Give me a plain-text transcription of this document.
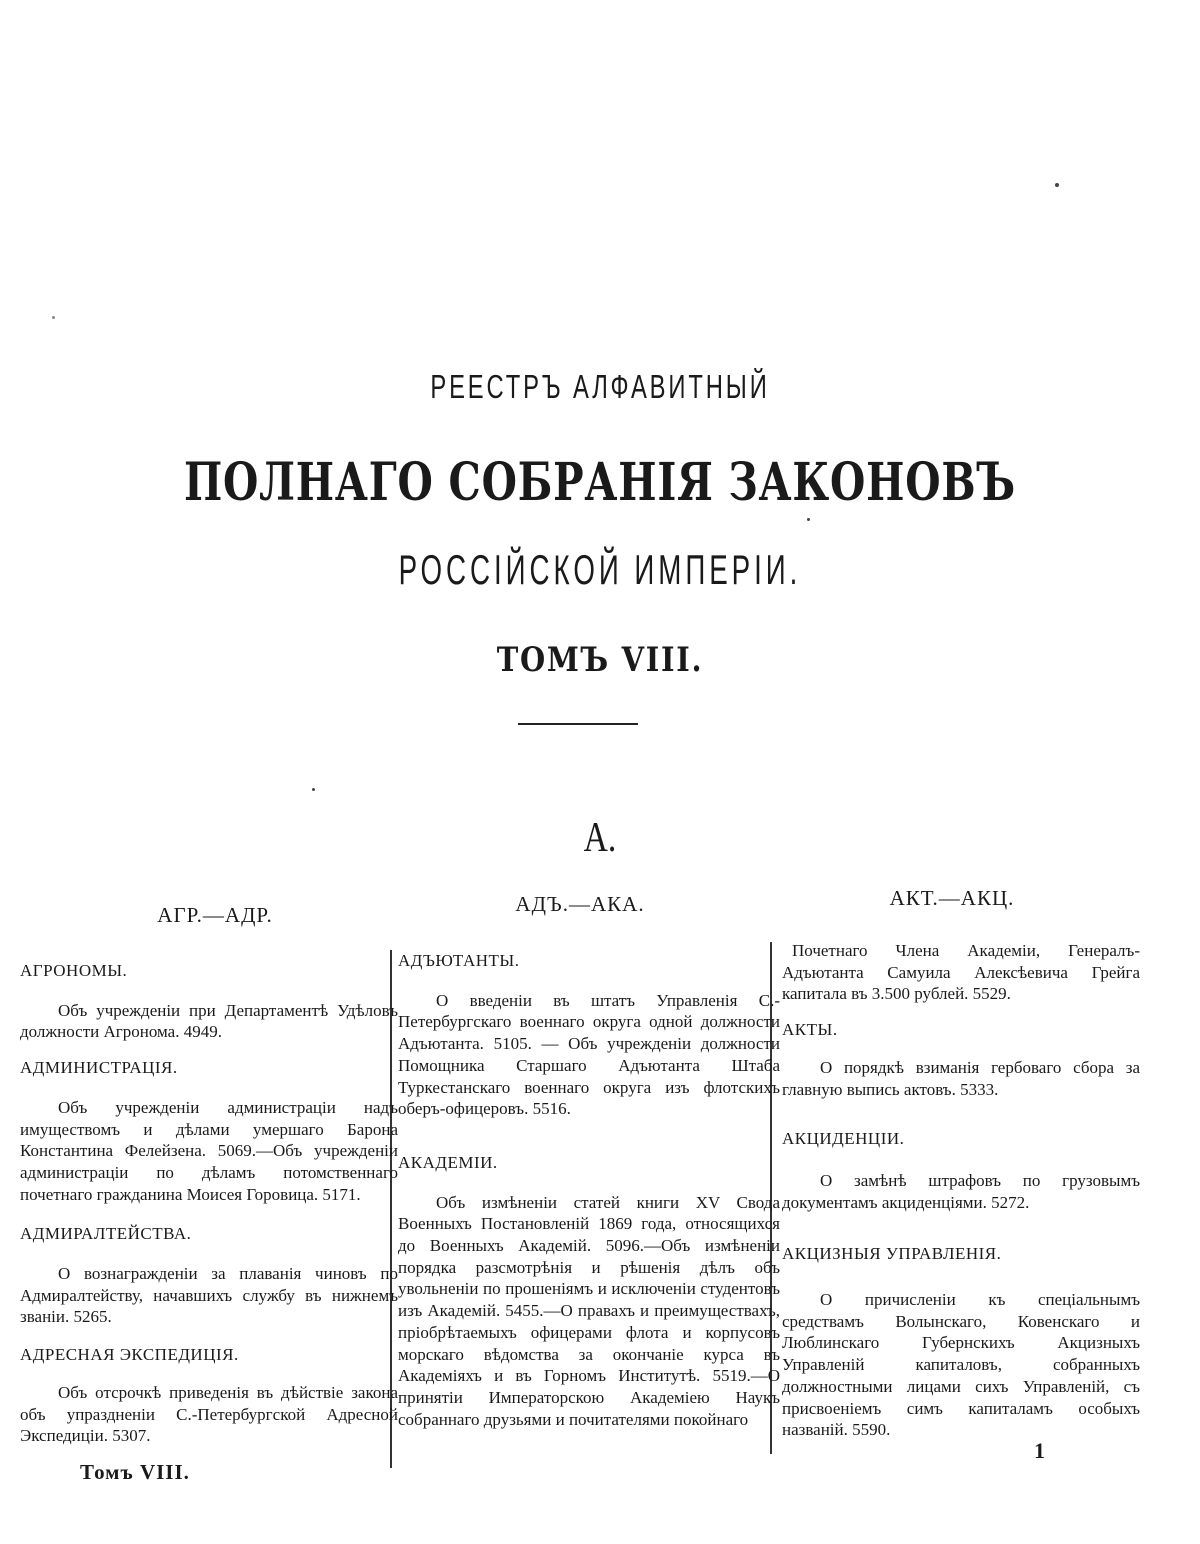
РЕЕСТРЪ АЛФАВИТНЫЙ
ПОЛНАГО СОБРАНІЯ ЗАКОНОВЪ
РОССІЙСКОЙ ИМПЕРІИ.
ТОМЪ VIII.
А.
АГР.—АДР.	АДЪ.—АКА.	АКТ.—АКЦ.
АГРОНОМЫ.

Объ учрежденіи при Департаментѣ Удѣловъ должности Агронома. 4949.

АДМИНИСТРАЦІЯ.

Объ учрежденіи администраціи надъ имуществомъ и дѣлами умершаго Барона Константина Фелейзена. 5069.—Объ учрежденіи администраціи по дѣламъ потомственнаго почетнаго гражданина Моисея Горовица. 5171.

АДМИРАЛТЕЙСТВА.

О вознагражденіи за плаванія чиновъ по Адмиралтейству, начавшихъ службу въ нижнемъ званіи. 5265.

АДРЕСНАЯ ЭКСПЕДИЦІЯ.

Объ отсрочкѣ приведенія въ дѣйствіе закона объ упраздненіи С.-Петербургской Адресной Экспедиціи. 5307.

АДЪЮТАНТЫ.

О введеніи въ штатъ Управленія С.-Петербургскаго военнаго округа одной должности Адъютанта. 5105. — Объ учрежденіи должности Помощника Старшаго Адъютанта Штаба Туркестанскаго военнаго округа изъ флотскихъ оберъ-офицеровъ. 5516.

АКАДЕМІИ.

Объ измѣненіи статей книги XV Свода Военныхъ Постановленій 1869 года, относящихся до Военныхъ Академій. 5096.—Объ измѣненіи порядка разсмотрѣнія и рѣшенія дѣлъ объ увольненіи по прошеніямъ и исключеніи студентовъ изъ Академій. 5455.—О правахъ и преимуществахъ, пріобрѣтаемыхъ офицерами флота и корпусовъ морскаго вѣдомства за окончаніе курса въ Академіяхъ и въ Горномъ Институтѣ. 5519.—О принятіи Императорскою Академіею Наукъ собраннаго друзьями и почитателями покойнаго

Почетнаго Члена Академіи, Генералъ-Адъютанта Самуила Алексѣевича Грейга капитала въ 3.500 рублей. 5529.

АКТЫ.

О порядкѣ взиманія гербоваго сбора за главную выпись актовъ. 5333.

АКЦИДЕНЦІИ.

О замѣнѣ штрафовъ по грузовымъ документамъ акциденціями. 5272.

АКЦИЗНЫЯ УПРАВЛЕНІЯ.

О причисленіи къ спеціальнымъ средствамъ Волынскаго, Ковенскаго и Люблинскаго Губернскихъ Акцизныхъ Управленій капиталовъ, собранныхъ должностными лицами сихъ Управленій, съ присвоеніемъ симъ капиталамъ особыхъ названій. 5590.

1
Томъ VIII.
